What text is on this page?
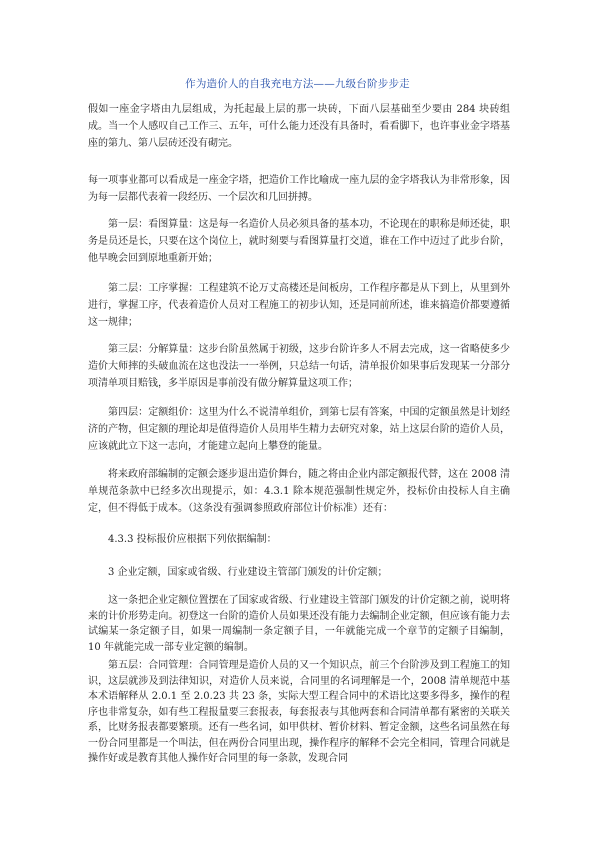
作为造价人的自我充电方法——九级台阶步步走

假如一座金字塔由九层组成，为托起最上层的那一块砖，下面八层基础至少要由 284 块砖组成。当一个人感叹自己工作三、五年，可什么能力还没有具备时，看看脚下，也许事业金字塔基座的第九、第八层砖还没有砌完。

每一项事业都可以看成是一座金字塔，把造价工作比喻成一座九层的金字塔我认为非常形象，因为每一层都代表着一段经历、一个层次和几回拼搏。

第一层：看图算量：这是每一名造价人员必须具备的基本功，不论现在的职称是师还徒，职务是员还是长，只要在这个岗位上，就时刻要与看图算量打交道，谁在工作中迈过了此步台阶，他早晚会回到原地重新开始；

第二层：工序掌握：工程建筑不论万丈高楼还是间板房，工作程序都是从下到上，从里到外进行，掌握工序，代表着造价人员对工程施工的初步认知，还是同前所述，谁来搞造价都要遵循这一规律；

第三层：分解算量：这步台阶虽然属于初级，这步台阶许多人不屑去完成，这一省略使多少造价大师摔的头破血流在这也没法一一举例，只总结一句话，清单报价如果事后发现某一分部分项清单项目赔钱，多半原因是事前没有做分解算量这项工作；

第四层：定额组价：这里为什么不说清单组价，到第七层有答案，中国的定额虽然是计划经济的产物，但定额的理论却是值得造价人员用毕生精力去研究对象，站上这层台阶的造价人员，应该就此立下这一志向，才能建立起向上攀登的能量。

将来政府部编制的定额会逐步退出造价舞台，随之将由企业内部定额报代替，这在 2008 清单规范条款中已经多次出现提示，如：4.3.1 除本规范强制性规定外，投标价由投标人自主确定，但不得低于成本。（这条没有强调参照政府部位计价标准）还有：

4.3.3 投标报价应根据下列依据编制：

3 企业定额，国家或省级、行业建设主管部门颁发的计价定额；

这一条把企业定额位置摆在了国家或省级、行业建设主管部门颁发的计价定额之前，说明将来的计价形势走向。初登这一台阶的造价人员如果还没有能力去编制企业定额，但应该有能力去试编某一条定额子目，如果一周编制一条定额子目，一年就能完成一个章节的定额子目编制，10 年就能完成一部专业定额的编制。

第五层：合同管理：合同管理是造价人员的又一个知识点，前三个台阶涉及到工程施工的知识，这层就涉及到法律知识，对造价人员来说，合同里的名词理解是一个，2008 清单规范中基本术语解释从 2.0.1 至 2.0.23 共 23 条，实际大型工程合同中的术语比这要多得多，操作的程序也非常复杂，如有些工程报量要三套报表，每套报表与其他两套和合同清单都有紧密的关联关系，比财务报表都要繁琐。还有一些名词，如甲供材、暂价材料、暂定金额，这些名词虽然在每一份合同里都是一个叫法，但在两份合同里出现，操作程序的解释不会完全相同，管理合同就是操作好或是教育其他人操作好合同里的每一条款，发现合同
